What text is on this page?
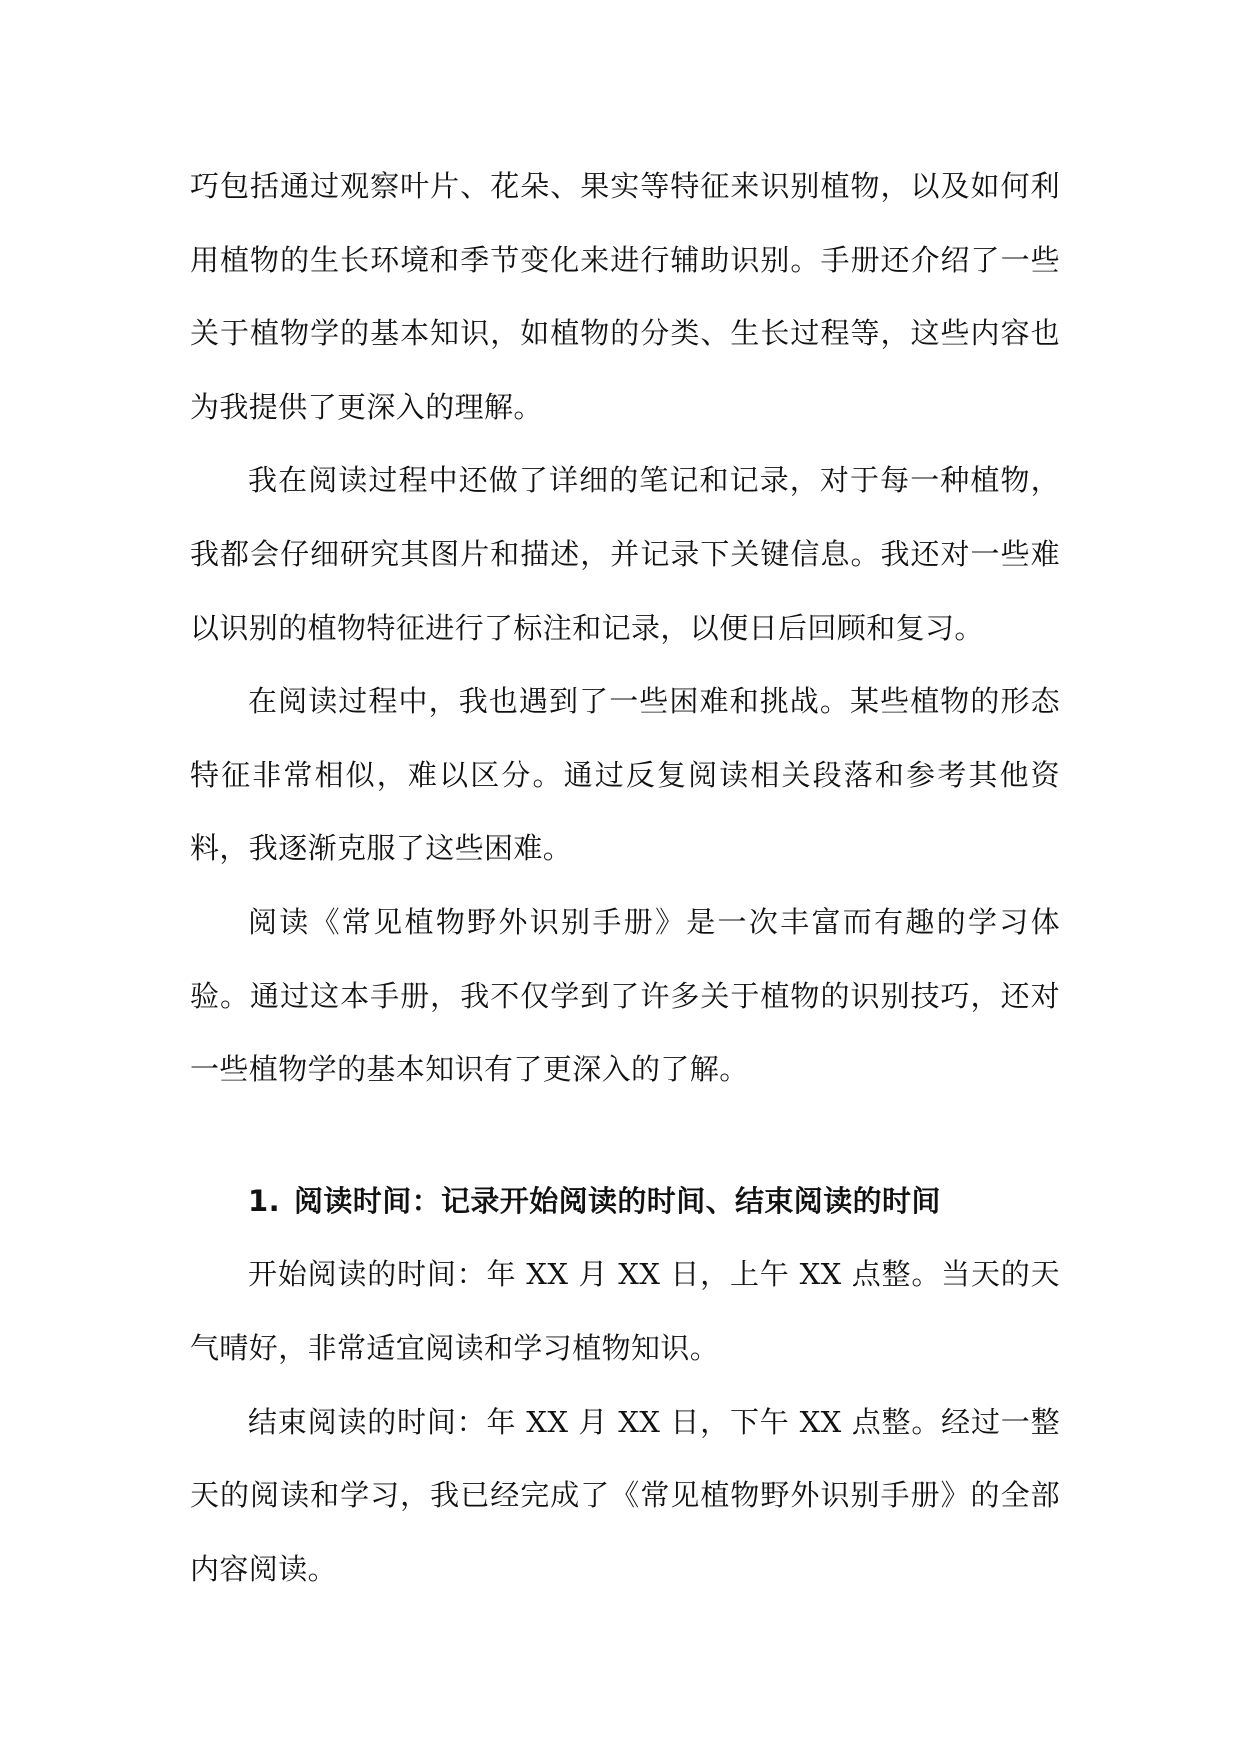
巧包括通过观察叶片、花朵、果实等特征来识别植物，以及如何利用植物的生长环境和季节变化来进行辅助识别。手册还介绍了一些关于植物学的基本知识，如植物的分类、生长过程等，这些内容也为我提供了更深入的理解。

我在阅读过程中还做了详细的笔记和记录，对于每一种植物，我都会仔细研究其图片和描述，并记录下关键信息。我还对一些难以识别的植物特征进行了标注和记录，以便日后回顾和复习。

在阅读过程中，我也遇到了一些困难和挑战。某些植物的形态特征非常相似，难以区分。通过反复阅读相关段落和参考其他资料，我逐渐克服了这些困难。

阅读《常见植物野外识别手册》是一次丰富而有趣的学习体验。通过这本手册，我不仅学到了许多关于植物的识别技巧，还对一些植物学的基本知识有了更深入的了解。

1. 阅读时间：记录开始阅读的时间、结束阅读的时间

开始阅读的时间：年 XX 月 XX 日，上午 XX 点整。当天的天气晴好，非常适宜阅读和学习植物知识。

结束阅读的时间：年 XX 月 XX 日，下午 XX 点整。经过一整天的阅读和学习，我已经完成了《常见植物野外识别手册》的全部内容阅读。
